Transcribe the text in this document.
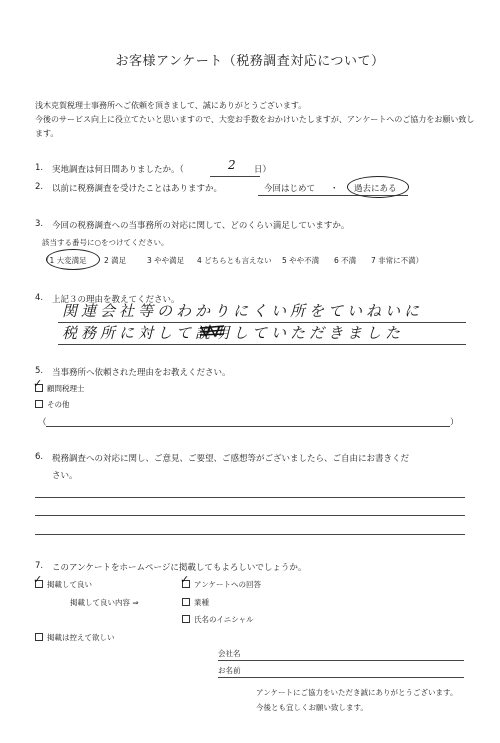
お客様アンケート（税務調査対応について）
浅木克賀税理士事務所へご依頼を頂きまして、誠にありがとうございます。
今後のサービス向上に役立てたいと思いますので、大変お手数をおかけいたしますが、アンケートへのご協力をお願い致し
ます。
1. 実地調査は何日間ありましたか。（	2 日）
2. 以前に税務調査を受けたことはありますか。	今回はじめて ・ 過去にある
3. 今回の税務調査への当事務所の対応に関して、どのくらい満足していますか。
該当する番号に○をつけてください。
（1 大変満足 2 満足	3 やや満足 4 どちらとも言えない 5 やや不満 6 不満 7 非常に不満）
4. 上記３の理由を教えてください。
関連会社等のわかりにくい所をていねいに
税務所に対して説明していただきました
5. 当事務所へ依頼された理由をお教えください。
顧問税理士
✓
その他
（	）
6. 税務調査への対応に関し、ご意見、ご要望、ご感想等がございましたら、ご自由にお書きくだ
さい。
7. このアンケートをホームページに掲載してもよろしいでしょうか。
掲載して良い
✓
掲載して良い内容 ⇒
アンケートへの回答
✓
業種
氏名のイニシャル
掲載は控えて欲しい
会社名
お名前
アンケートにご協力をいただき誠にありがとうございます。
今後とも宜しくお願い致します。
